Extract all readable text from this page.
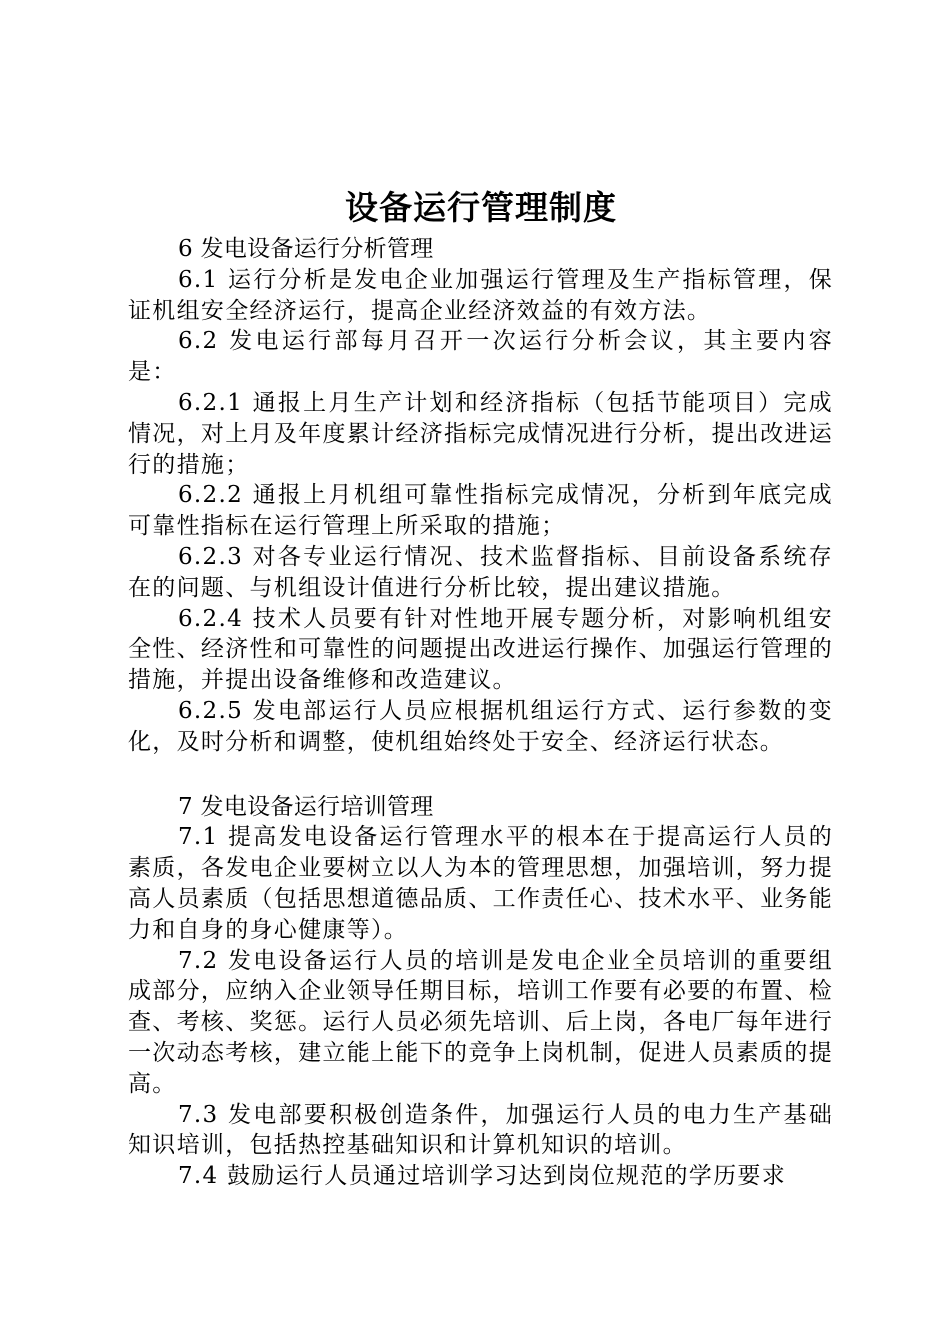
设备运行管理制度

6 发电设备运行分析管理

6.1 运行分析是发电企业加强运行管理及生产指标管理，保证机组安全经济运行，提高企业经济效益的有效方法。

6.2 发电运行部每月召开一次运行分析会议，其主要内容是：

6.2.1 通报上月生产计划和经济指标（包括节能项目）完成情况，对上月及年度累计经济指标完成情况进行分析，提出改进运行的措施；

6.2.2 通报上月机组可靠性指标完成情况，分析到年底完成可靠性指标在运行管理上所采取的措施；

6.2.3 对各专业运行情况、技术监督指标、目前设备系统存在的问题、与机组设计值进行分析比较，提出建议措施。

6.2.4 技术人员要有针对性地开展专题分析，对影响机组安全性、经济性和可靠性的问题提出改进运行操作、加强运行管理的措施，并提出设备维修和改造建议。

6.2.5 发电部运行人员应根据机组运行方式、运行参数的变化，及时分析和调整，使机组始终处于安全、经济运行状态。

7 发电设备运行培训管理

7.1 提高发电设备运行管理水平的根本在于提高运行人员的素质，各发电企业要树立以人为本的管理思想，加强培训，努力提高人员素质（包括思想道德品质、工作责任心、技术水平、业务能力和自身的身心健康等）。

7.2 发电设备运行人员的培训是发电企业全员培训的重要组成部分，应纳入企业领导任期目标，培训工作要有必要的布置、检查、考核、奖惩。运行人员必须先培训、后上岗，各电厂每年进行一次动态考核，建立能上能下的竞争上岗机制，促进人员素质的提高。

7.3 发电部要积极创造条件，加强运行人员的电力生产基础知识培训，包括热控基础知识和计算机知识的培训。

7.4 鼓励运行人员通过培训学习达到岗位规范的学历要求
